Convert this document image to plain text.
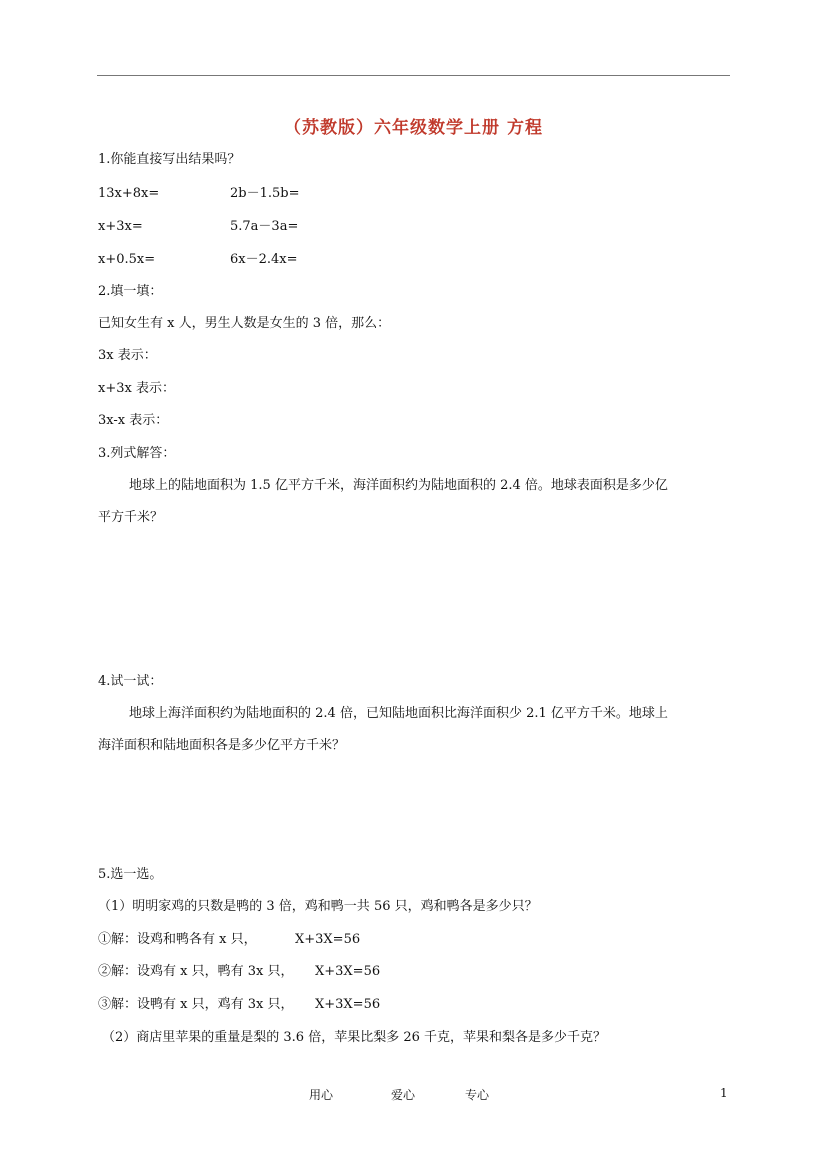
（苏教版）六年级数学上册 方程
1.你能直接写出结果吗？
13x+8x=	2b－1.5b=
x+3x=	5.7a－3a=
x+0.5x=	6x－2.4x=
2.填一填：
已知女生有 x 人，男生人数是女生的 3 倍，那么：
3x 表示：
x+3x 表示：
3x-x 表示：
3.列式解答：
地球上的陆地面积为 1.5 亿平方千米，海洋面积约为陆地面积的 2.4 倍。地球表面积是多少亿
平方千米？
4.试一试：
地球上海洋面积约为陆地面积的 2.4 倍，已知陆地面积比海洋面积少 2.1 亿平方千米。地球上
海洋面积和陆地面积各是多少亿平方千米？
5.选一选。
（1）明明家鸡的只数是鸭的 3 倍，鸡和鸭一共 56 只，鸡和鸭各是多少只？
①解：设鸡和鸭各有 x 只，	X+3X=56
②解：设鸡有 x 只，鸭有 3x 只， X+3X=56
③解：设鸭有 x 只，鸡有 3x 只， X+3X=56
（2）商店里苹果的重量是梨的 3.6 倍，苹果比梨多 26 千克，苹果和梨各是多少千克？
用心	爱心	专心	1
